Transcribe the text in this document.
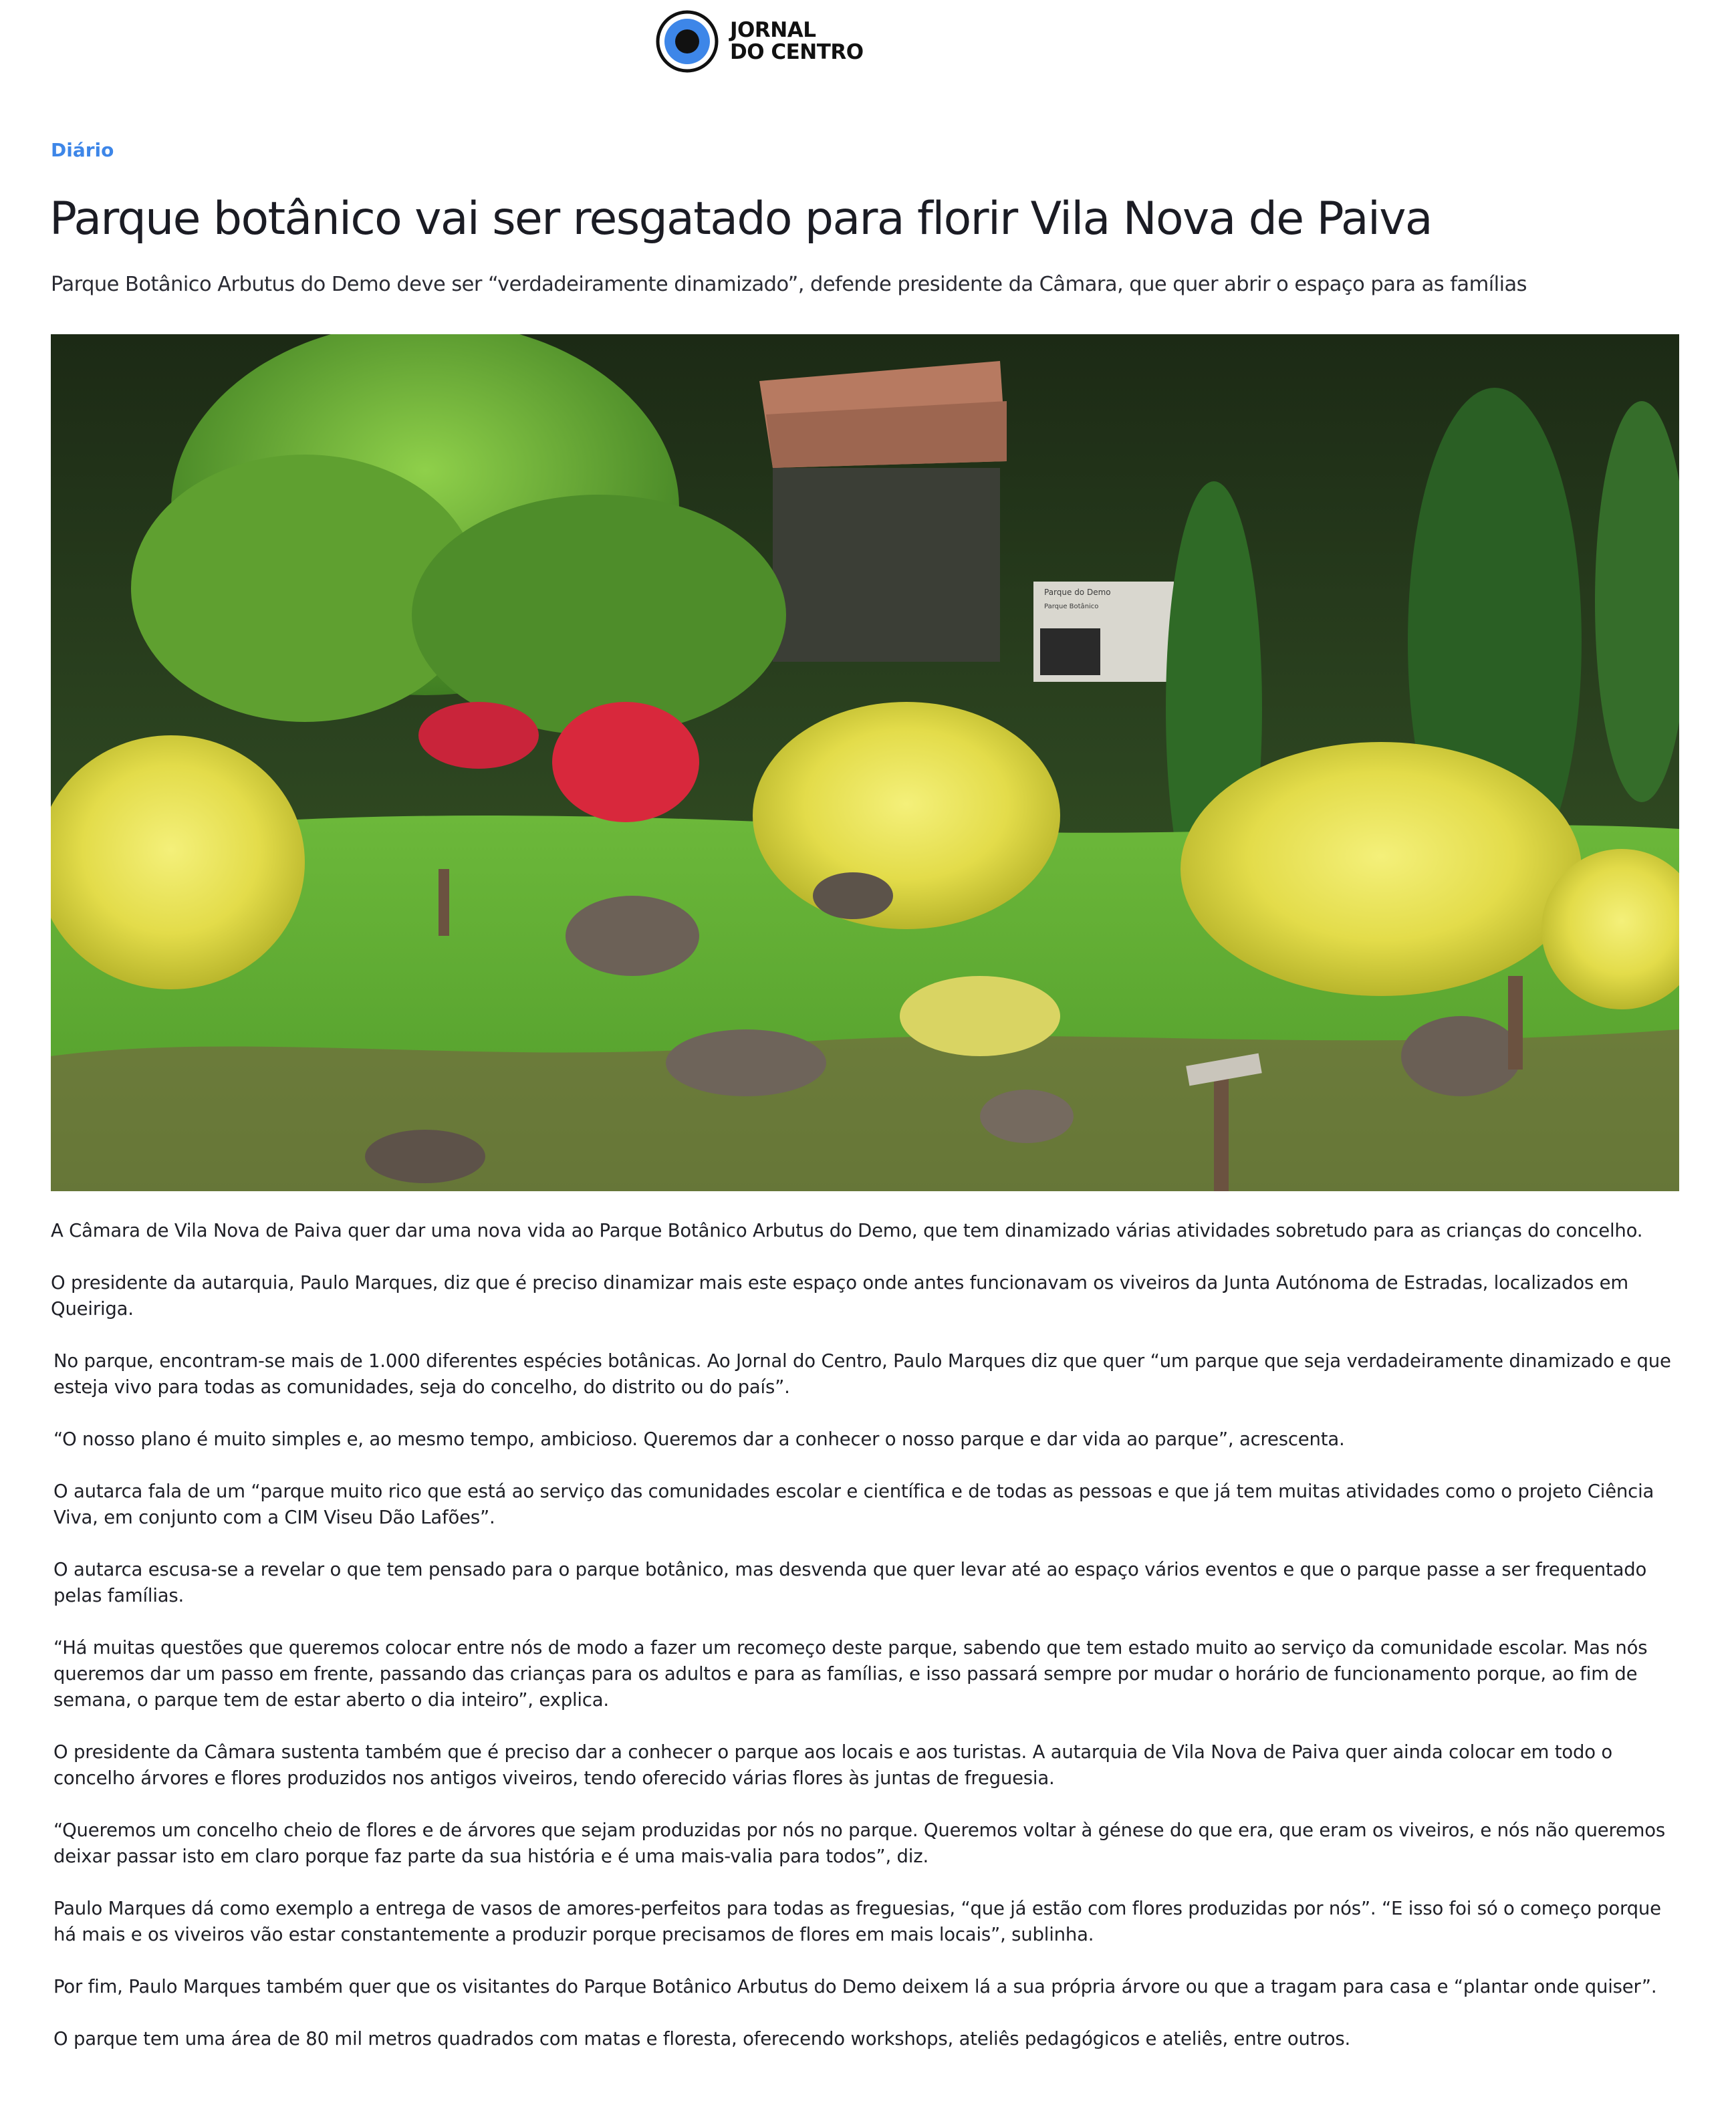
JORNAL
DO CENTRO
Diário
Parque botânico vai ser resgatado para florir Vila Nova de Paiva

Parque Botânico Arbutus do Demo deve ser “verdadeiramente dinamizado”, defende presidente da Câmara, que quer abrir o espaço para as famílias

Parque do Demo
Parque Botânico

A Câmara de Vila Nova de Paiva quer dar uma nova vida ao Parque Botânico Arbutus do Demo, que tem dinamizado várias atividades sobretudo para as crianças do concelho.

O presidente da autarquia, Paulo Marques, diz que é preciso dinamizar mais este espaço onde antes funcionavam os viveiros da Junta Autónoma de Estradas, localizados em Queiriga.

No parque, encontram-se mais de 1.000 diferentes espécies botânicas. Ao Jornal do Centro, Paulo Marques diz que quer “um parque que seja verdadeiramente dinamizado e que esteja vivo para todas as comunidades, seja do concelho, do distrito ou do país”.

“O nosso plano é muito simples e, ao mesmo tempo, ambicioso. Queremos dar a conhecer o nosso parque e dar vida ao parque”, acrescenta.

O autarca fala de um “parque muito rico que está ao serviço das comunidades escolar e científica e de todas as pessoas e que já tem muitas atividades como o projeto Ciência Viva, em conjunto com a CIM Viseu Dão Lafões”.

O autarca escusa-se a revelar o que tem pensado para o parque botânico, mas desvenda que quer levar até ao espaço vários eventos e que o parque passe a ser frequentado pelas famílias.

“Há muitas questões que queremos colocar entre nós de modo a fazer um recomeço deste parque, sabendo que tem estado muito ao serviço da comunidade escolar. Mas nós queremos dar um passo em frente, passando das crianças para os adultos e para as famílias, e isso passará sempre por mudar o horário de funcionamento porque, ao fim de semana, o parque tem de estar aberto o dia inteiro”, explica.

O presidente da Câmara sustenta também que é preciso dar a conhecer o parque aos locais e aos turistas. A autarquia de Vila Nova de Paiva quer ainda colocar em todo o concelho árvores e flores produzidos nos antigos viveiros, tendo oferecido várias flores às juntas de freguesia.

“Queremos um concelho cheio de flores e de árvores que sejam produzidas por nós no parque. Queremos voltar à génese do que era, que eram os viveiros, e nós não queremos deixar passar isto em claro porque faz parte da sua história e é uma mais-valia para todos”, diz.

Paulo Marques dá como exemplo a entrega de vasos de amores-perfeitos para todas as freguesias, “que já estão com flores produzidas por nós”. “E isso foi só o começo porque há mais e os viveiros vão estar constantemente a produzir porque precisamos de flores em mais locais”, sublinha.

Por fim, Paulo Marques também quer que os visitantes do Parque Botânico Arbutus do Demo deixem lá a sua própria árvore ou que a tragam para casa e “plantar onde quiser”.

O parque tem uma área de 80 mil metros quadrados com matas e floresta, oferecendo workshops, ateliês pedagógicos e ateliês, entre outros.
